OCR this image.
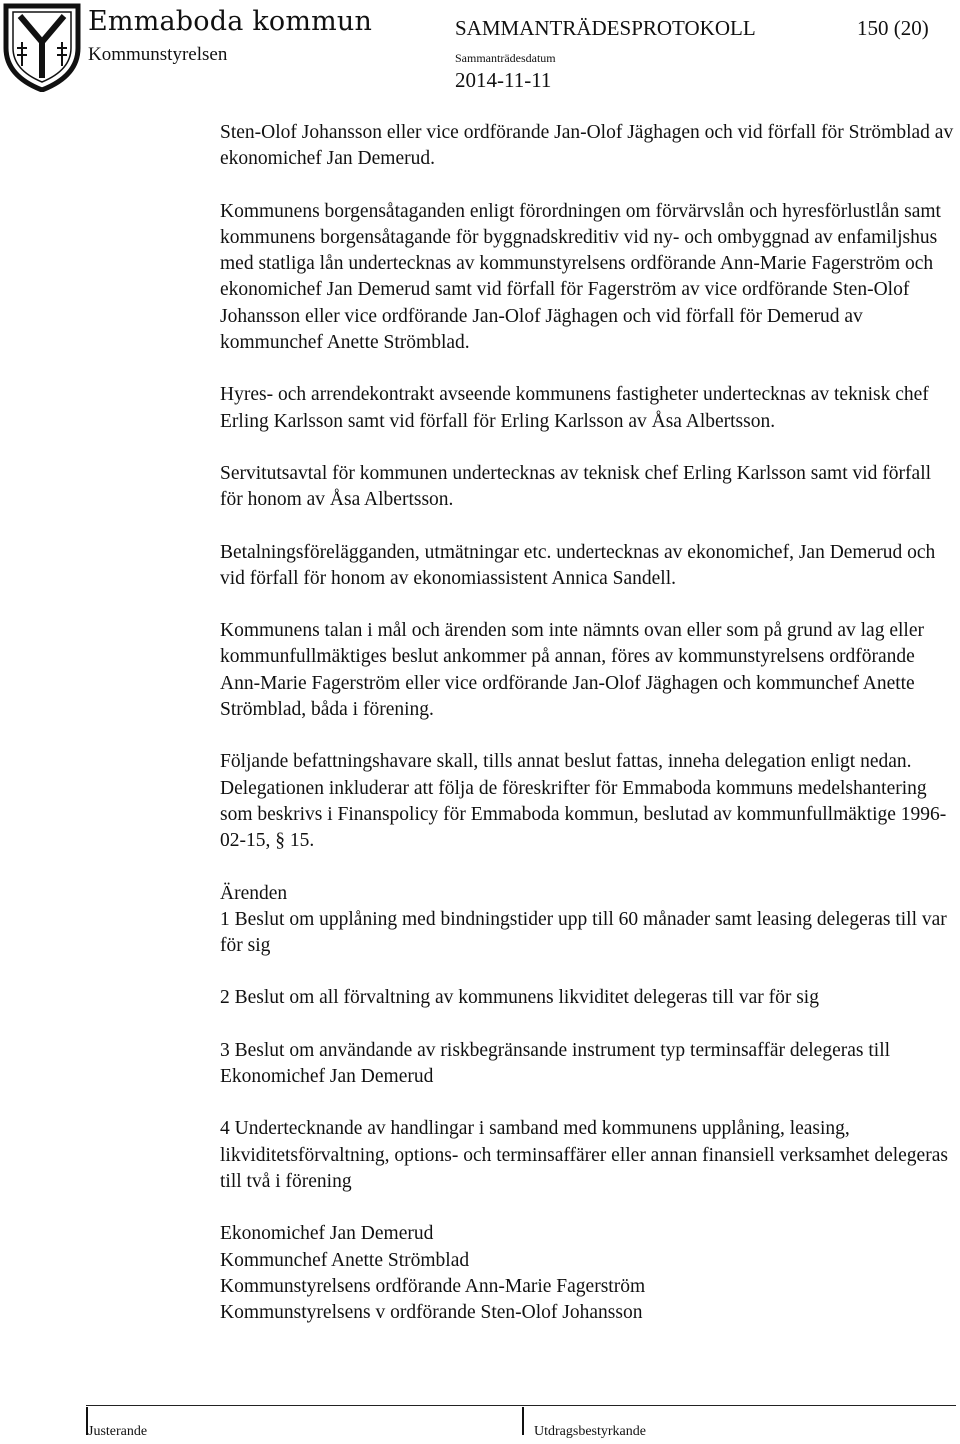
Emmaboda kommun
Kommunstyrelsen
SAMMANTRÄDESPROTOKOLL	150 (20)
Sammanträdesdatum
2014-11-11

Sten-Olof Johansson eller vice ordförande Jan-Olof Jäghagen och vid förfall för Strömblad av ekonomichef Jan Demerud.

Kommunens borgensåtaganden enligt förordningen om förvärvslån och hyresförlustlån samt kommunens borgensåtagande för byggnadskreditiv vid ny- och ombyggnad av enfamiljshus med statliga lån undertecknas av kommunstyrelsens ordförande Ann-Marie Fagerström och ekonomichef Jan Demerud samt vid förfall för Fagerström av vice ordförande Sten-Olof Johansson eller vice ordförande Jan-Olof Jäghagen och vid förfall för Demerud av kommunchef Anette Strömblad.

Hyres- och arrendekontrakt avseende kommunens fastigheter undertecknas av teknisk chef Erling Karlsson samt vid förfall för Erling Karlsson av Åsa Albertsson.

Servitutsavtal för kommunen undertecknas av teknisk chef Erling Karlsson samt vid förfall för honom av Åsa Albertsson.

Betalningsförelägganden, utmätningar etc. undertecknas av ekonomichef, Jan Demerud och vid förfall för honom av ekonomiassistent Annica Sandell.

Kommunens talan i mål och ärenden som inte nämnts ovan eller som på grund av lag eller kommunfullmäktiges beslut ankommer på annan, föres av kommunstyrelsens ordförande Ann-Marie Fagerström eller vice ordförande Jan-Olof Jäghagen och kommunchef Anette Strömblad, båda i förening.

Följande befattningshavare skall, tills annat beslut fattas, inneha delegation enligt nedan. Delegationen inkluderar att följa de föreskrifter för Emmaboda kommuns medelshantering som beskrivs i Finanspolicy för Emmaboda kommun, beslutad av kommunfullmäktige 1996-02-15, § 15.

Ärenden

1 Beslut om upplåning med bindningstider upp till 60 månader samt leasing delegeras till var för sig

2 Beslut om all förvaltning av kommunens likviditet delegeras till var för sig

3 Beslut om användande av riskbegränsande instrument typ terminsaffär delegeras till Ekonomichef Jan Demerud

4 Undertecknande av handlingar i samband med kommunens upplåning, leasing, likviditetsförvaltning, options- och terminsaffärer eller annan finansiell verksamhet delegeras till två i förening

Ekonomichef Jan Demerud

Kommunchef Anette Strömblad

Kommunstyrelsens ordförande Ann-Marie Fagerström

Kommunstyrelsens v ordförande Sten-Olof Johansson

Justerande	Utdragsbestyrkande
